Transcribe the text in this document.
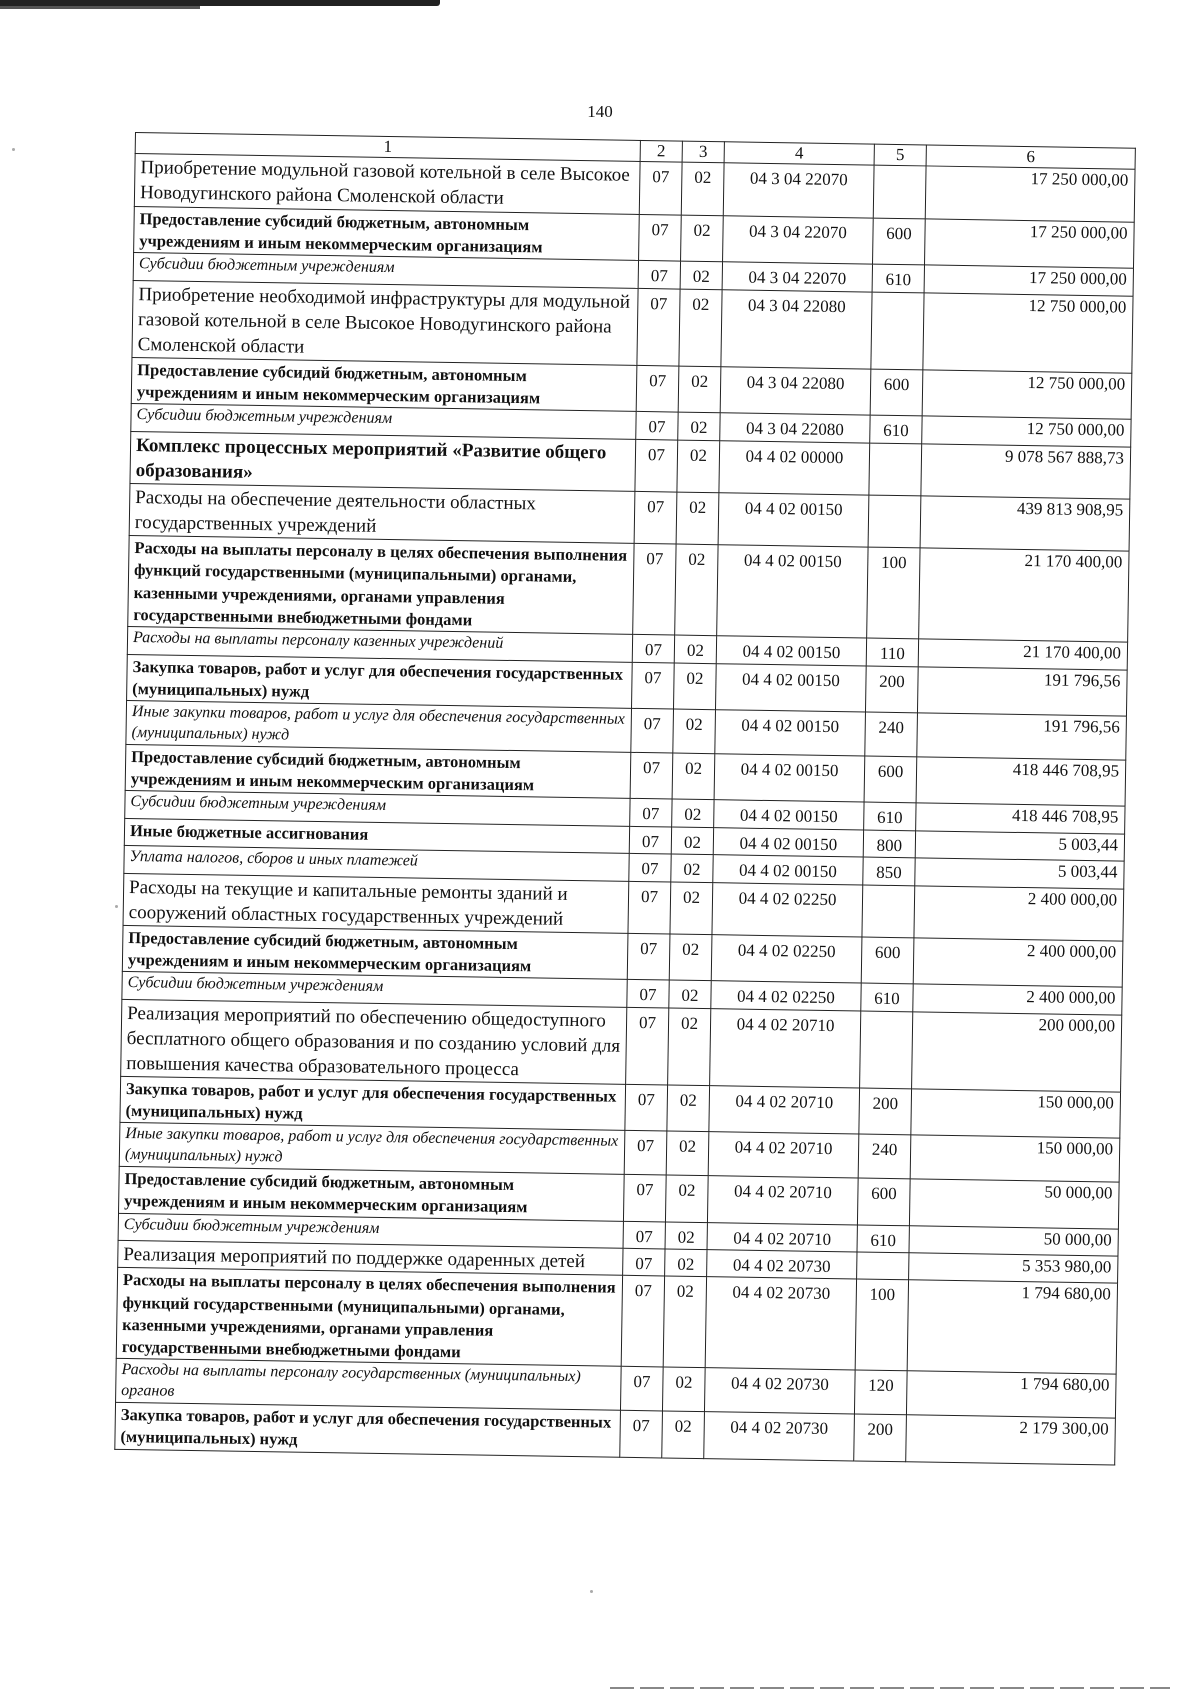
140
1	2	3	4	5	6
Приобретение модульной газовой котельной в селе Высокое Новодугинского района Смоленской области	07	02	04 3 04 22070		17 250 000,00
Предоставление субсидий бюджетным, автономным учреждениям и иным некоммерческим организациям	07	02	04 3 04 22070	600	17 250 000,00
Субсидии бюджетным учреждениям	07	02	04 3 04 22070	610	17 250 000,00
Приобретение необходимой инфраструктуры для модульной газовой котельной в селе Высокое Новодугинского района Смоленской области	07	02	04 3 04 22080		12 750 000,00
Предоставление субсидий бюджетным, автономным учреждениям и иным некоммерческим организациям	07	02	04 3 04 22080	600	12 750 000,00
Субсидии бюджетным учреждениям	07	02	04 3 04 22080	610	12 750 000,00
Комплекс процессных мероприятий «Развитие общего образования»	07	02	04 4 02 00000		9 078 567 888,73
Расходы на обеспечение деятельности областных государственных учреждений	07	02	04 4 02 00150		439 813 908,95
Расходы на выплаты персоналу в целях обеспечения выполнения функций государственными (муниципальными) органами, казенными учреждениями, органами управления государственными внебюджетными фондами	07	02	04 4 02 00150	100	21 170 400,00
Расходы на выплаты персоналу казенных учреждений	07	02	04 4 02 00150	110	21 170 400,00
Закупка товаров, работ и услуг для обеспечения государственных (муниципальных) нужд	07	02	04 4 02 00150	200	191 796,56
Иные закупки товаров, работ и услуг для обеспечения государственных (муниципальных) нужд	07	02	04 4 02 00150	240	191 796,56
Предоставление субсидий бюджетным, автономным учреждениям и иным некоммерческим организациям	07	02	04 4 02 00150	600	418 446 708,95
Субсидии бюджетным учреждениям	07	02	04 4 02 00150	610	418 446 708,95
Иные бюджетные ассигнования	07	02	04 4 02 00150	800	5 003,44
Уплата налогов, сборов и иных платежей	07	02	04 4 02 00150	850	5 003,44
Расходы на текущие и капитальные ремонты зданий и сооружений областных государственных учреждений	07	02	04 4 02 02250		2 400 000,00
Предоставление субсидий бюджетным, автономным учреждениям и иным некоммерческим организациям	07	02	04 4 02 02250	600	2 400 000,00
Субсидии бюджетным учреждениям	07	02	04 4 02 02250	610	2 400 000,00
Реализация мероприятий по обеспечению общедоступного бесплатного общего образования и по созданию условий для повышения качества образовательного процесса	07	02	04 4 02 20710		200 000,00
Закупка товаров, работ и услуг для обеспечения государственных (муниципальных) нужд	07	02	04 4 02 20710	200	150 000,00
Иные закупки товаров, работ и услуг для обеспечения государственных (муниципальных) нужд	07	02	04 4 02 20710	240	150 000,00
Предоставление субсидий бюджетным, автономным учреждениям и иным некоммерческим организациям	07	02	04 4 02 20710	600	50 000,00
Субсидии бюджетным учреждениям	07	02	04 4 02 20710	610	50 000,00
Реализация мероприятий по поддержке одаренных детей	07	02	04 4 02 20730		5 353 980,00
Расходы на выплаты персоналу в целях обеспечения выполнения функций государственными (муниципальными) органами, казенными учреждениями, органами управления государственными внебюджетными фондами	07	02	04 4 02 20730	100	1 794 680,00
Расходы на выплаты персоналу государственных (муниципальных) органов	07	02	04 4 02 20730	120	1 794 680,00
Закупка товаров, работ и услуг для обеспечения государственных (муниципальных) нужд	07	02	04 4 02 20730	200	2 179 300,00
